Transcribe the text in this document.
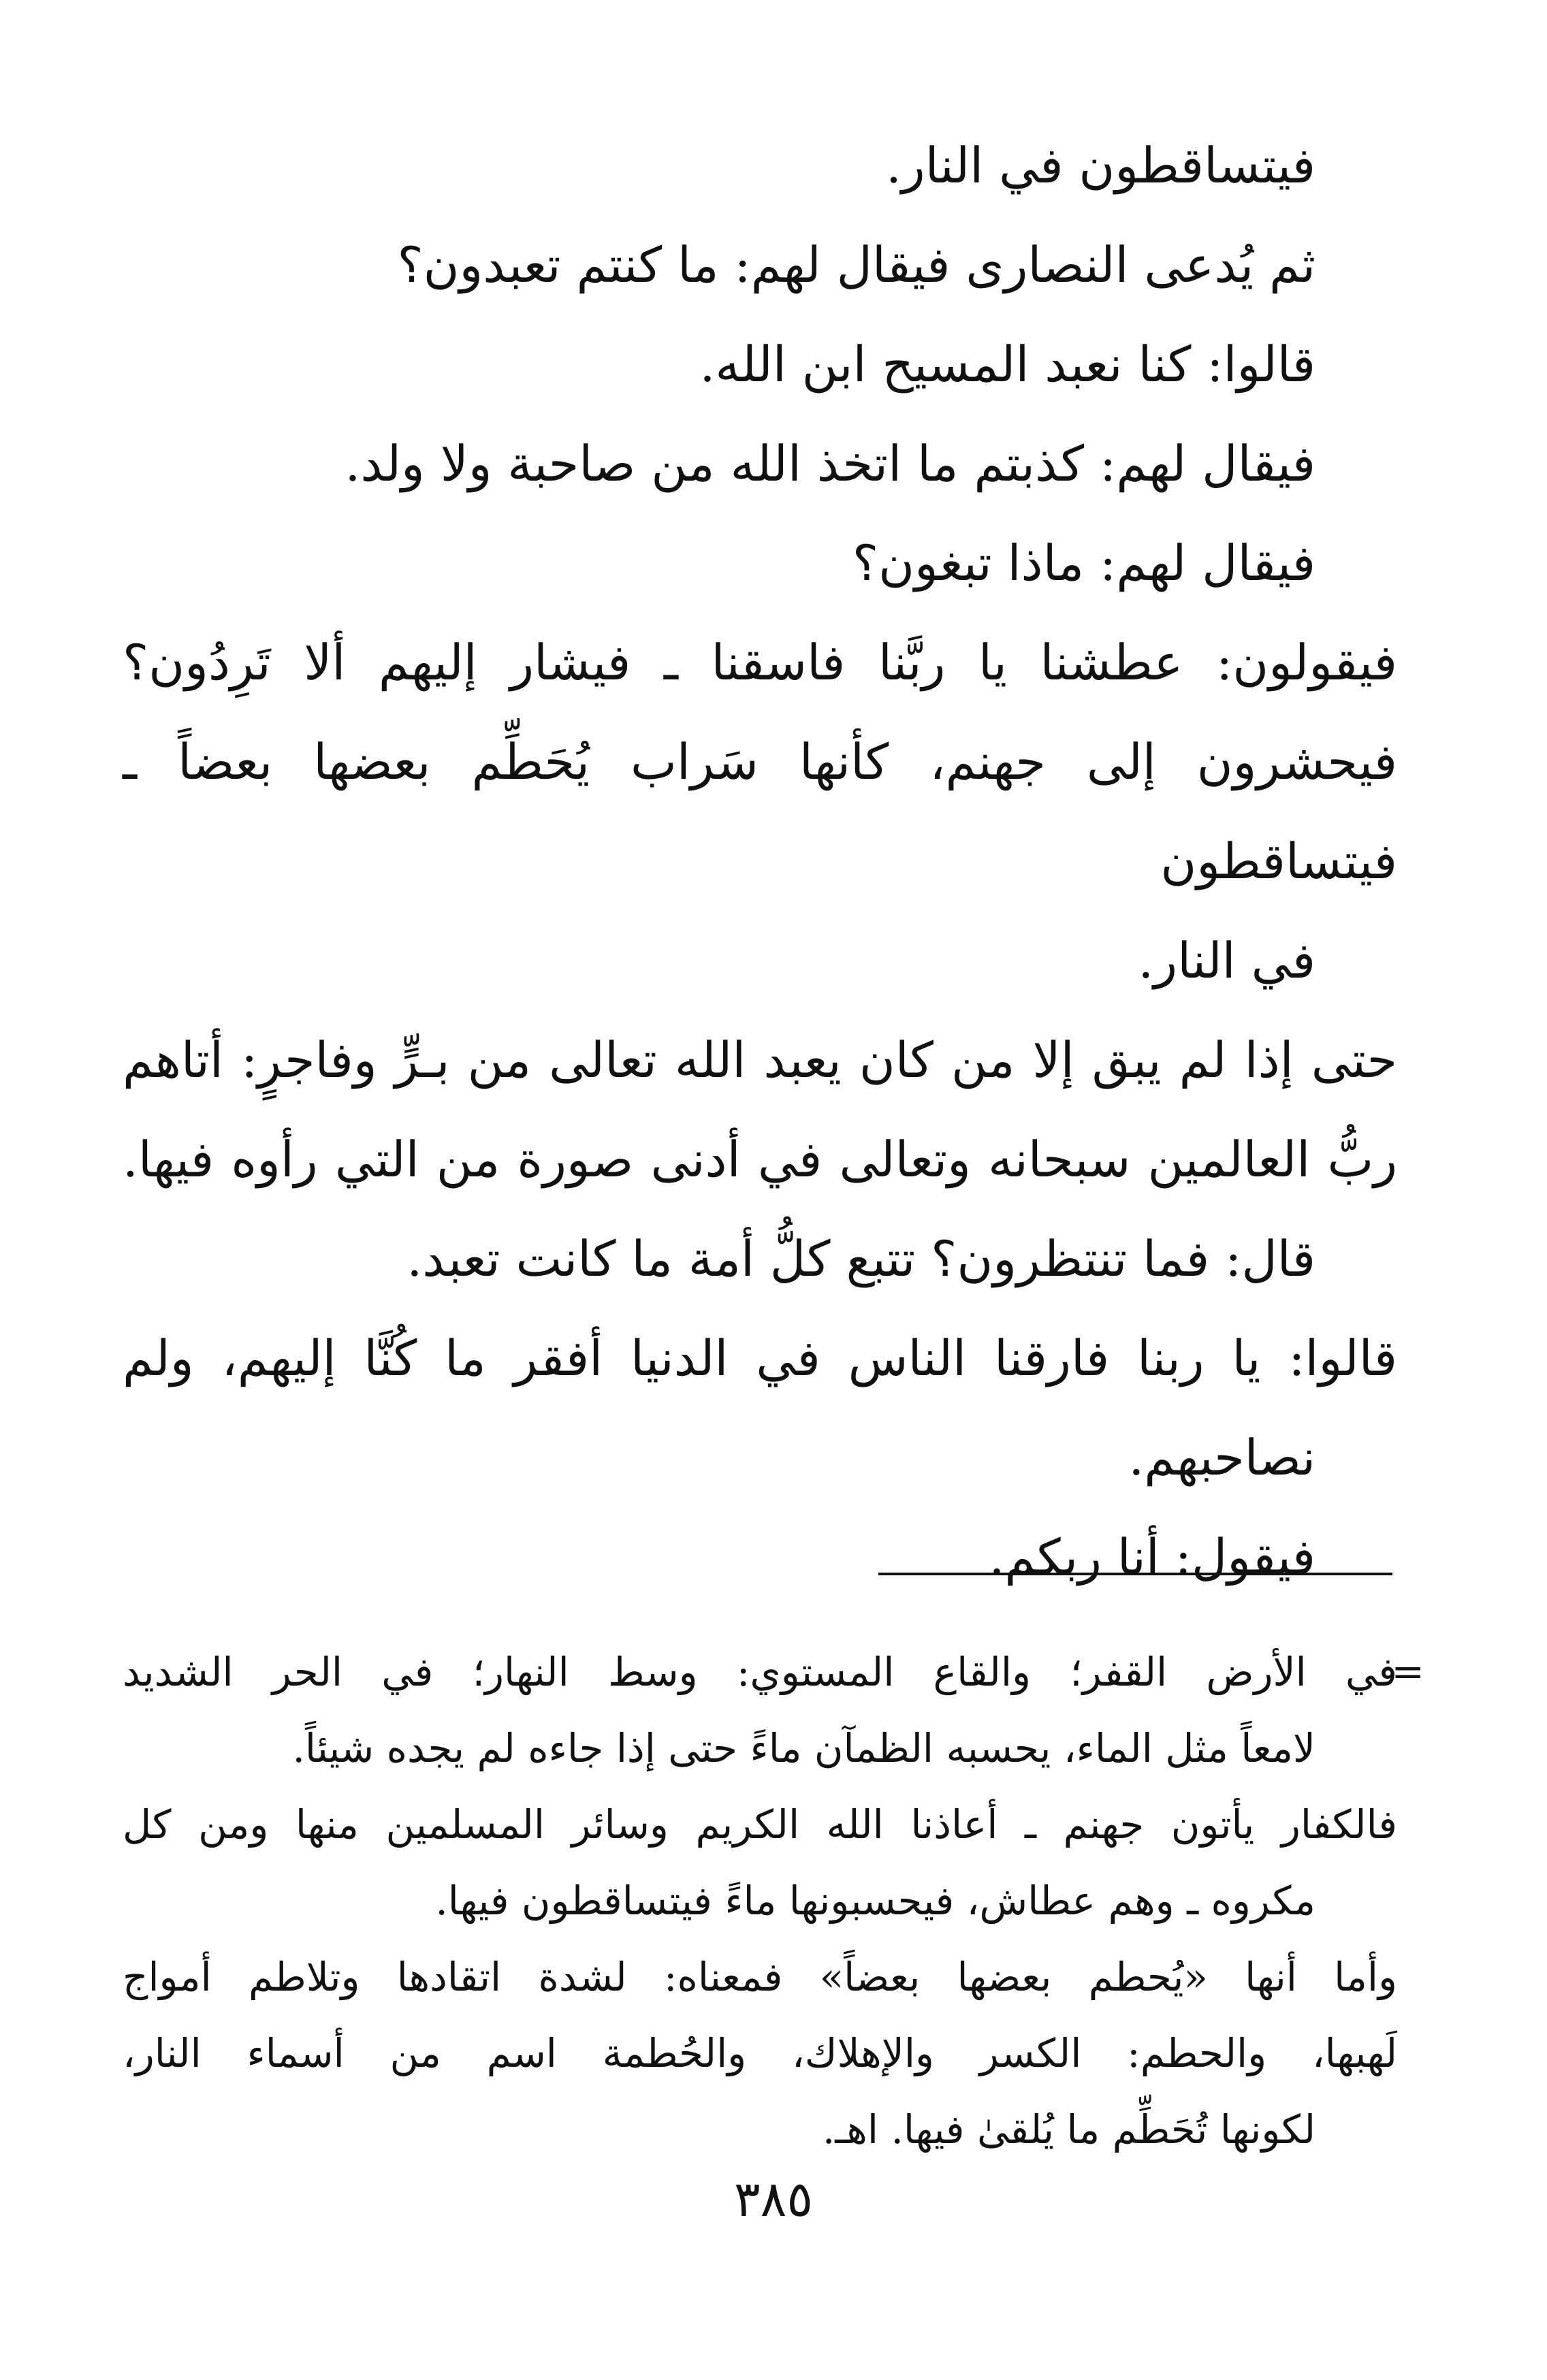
فيتساقطون في النار.
ثم يُدعى النصارى فيقال لهم: ما كنتم تعبدون؟
قالوا: كنا نعبد المسيح ابن الله.
فيقال لهم: كذبتم ما اتخذ الله من صاحبة ولا ولد.
فيقال لهم: ماذا تبغون؟
فيقولون: عطشنا يا ربَّنا فاسقنا ـ فيشار إليهم ألا تَرِدُون؟
فيحشرون إلى جهنم، كأنها سَراب يُحَطِّم بعضها بعضاً ـ فيتساقطون
في النار.
حتى إذا لم يبق إلا من كان يعبد الله تعالى من بـرٍّ وفاجرٍ: أتاهم
ربُّ العالمين سبحانه وتعالى في أدنى صورة من التي رأوه فيها.
قال: فما تنتظرون؟ تتبع كلُّ أمة ما كانت تعبد.
قالوا: يا ربنا فارقنا الناس في الدنيا أفقر ما كُنَّا إليهم، ولم
نصاحبهم.
فيقول: أنا ربكم.
=
في الأرض القفر؛ والقاع المستوي: وسط النهار؛ في الحر الشديد
لامعاً مثل الماء، يحسبه الظمآن ماءً حتى إذا جاءه لم يجده شيئاً.
فالكفار يأتون جهنم ـ أعاذنا الله الكريم وسائر المسلمين منها ومن كل
مكروه ـ وهم عطاش، فيحسبونها ماءً فيتساقطون فيها.
وأما أنها «يُحطم بعضها بعضاً» فمعناه: لشدة اتقادها وتلاطم أمواج
لَهبها، والحطم: الكسر والإهلاك، والحُطمة اسم من أسماء النار،
لكونها تُحَطِّم ما يُلقىٰ فيها. اهـ.
٣٨٥
